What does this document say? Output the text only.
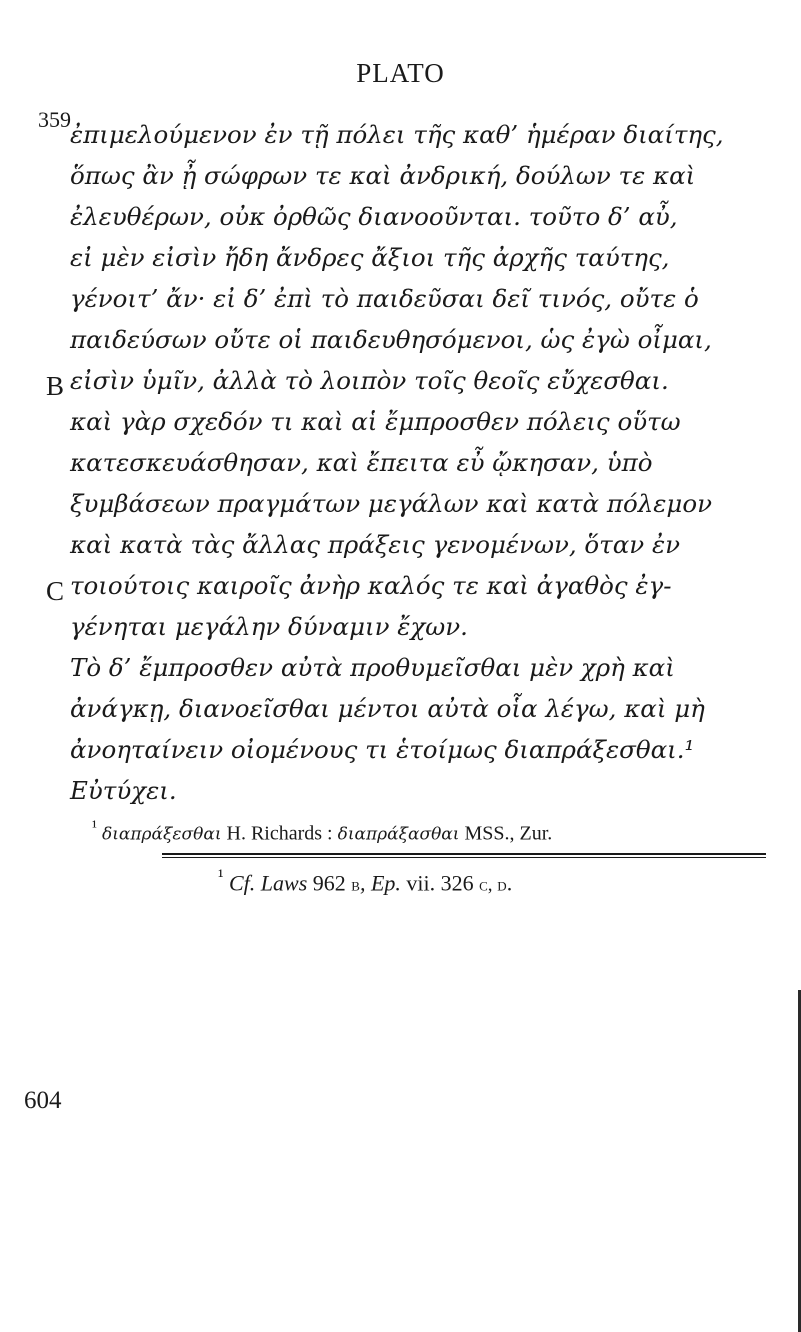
PLATO
359
B
C
ἐπιμελούμενον ἐν τῇ πόλει τῆς καθ’ ἡμέραν διαίτης,
ὅπως ἂν ᾖ σώφρων τε καὶ ἀνδρική, δούλων τε καὶ
ἐλευθέρων, οὐκ ὀρθῶς διανοοῦνται. τοῦτο δ’ αὖ,
εἰ μὲν εἰσὶν ἤδη ἄνδρες ἄξιοι τῆς ἀρχῆς ταύτης,
γένοιτ’ ἄν· εἰ δ’ ἐπὶ τὸ παιδεῦσαι δεῖ τινός, οὔτε ὁ
παιδεύσων οὔτε οἱ παιδευθησόμενοι, ὡς ἐγὼ οἶμαι,
εἰσὶν ὑμῖν, ἀλλὰ τὸ λοιπὸν τοῖς θεοῖς εὔχεσθαι.
καὶ γὰρ σχεδόν τι καὶ αἱ ἔμπροσθεν πόλεις οὕτω
κατεσκευάσθησαν, καὶ ἔπειτα εὖ ᾤκησαν, ὑπὸ
ξυμβάσεων πραγμάτων μεγάλων καὶ κατὰ πόλεμον
καὶ κατὰ τὰς ἄλλας πράξεις γενομένων, ὅταν ἐν
τοιούτοις καιροῖς ἀνὴρ καλός τε καὶ ἀγαθὸς ἐγ-
γένηται μεγάλην δύναμιν ἔχων.
Τὸ δ’ ἔμπροσθεν αὐτὰ προθυμεῖσθαι μὲν χρὴ καὶ
ἀνάγκῃ, διανοεῖσθαι μέντοι αὐτὰ οἷα λέγω, καὶ μὴ
ἀνοηταίνειν οἰομένους τι ἑτοίμως διαπράξεσθαι.¹
Εὐτύχει.
$^{^1}$ διαπράξεσθαι H. Richards : διαπράξασθαι MSS., Zur.
$^{^1}$ Cf. Laws 962 b, Ep. vii. 326 c, d.
604
